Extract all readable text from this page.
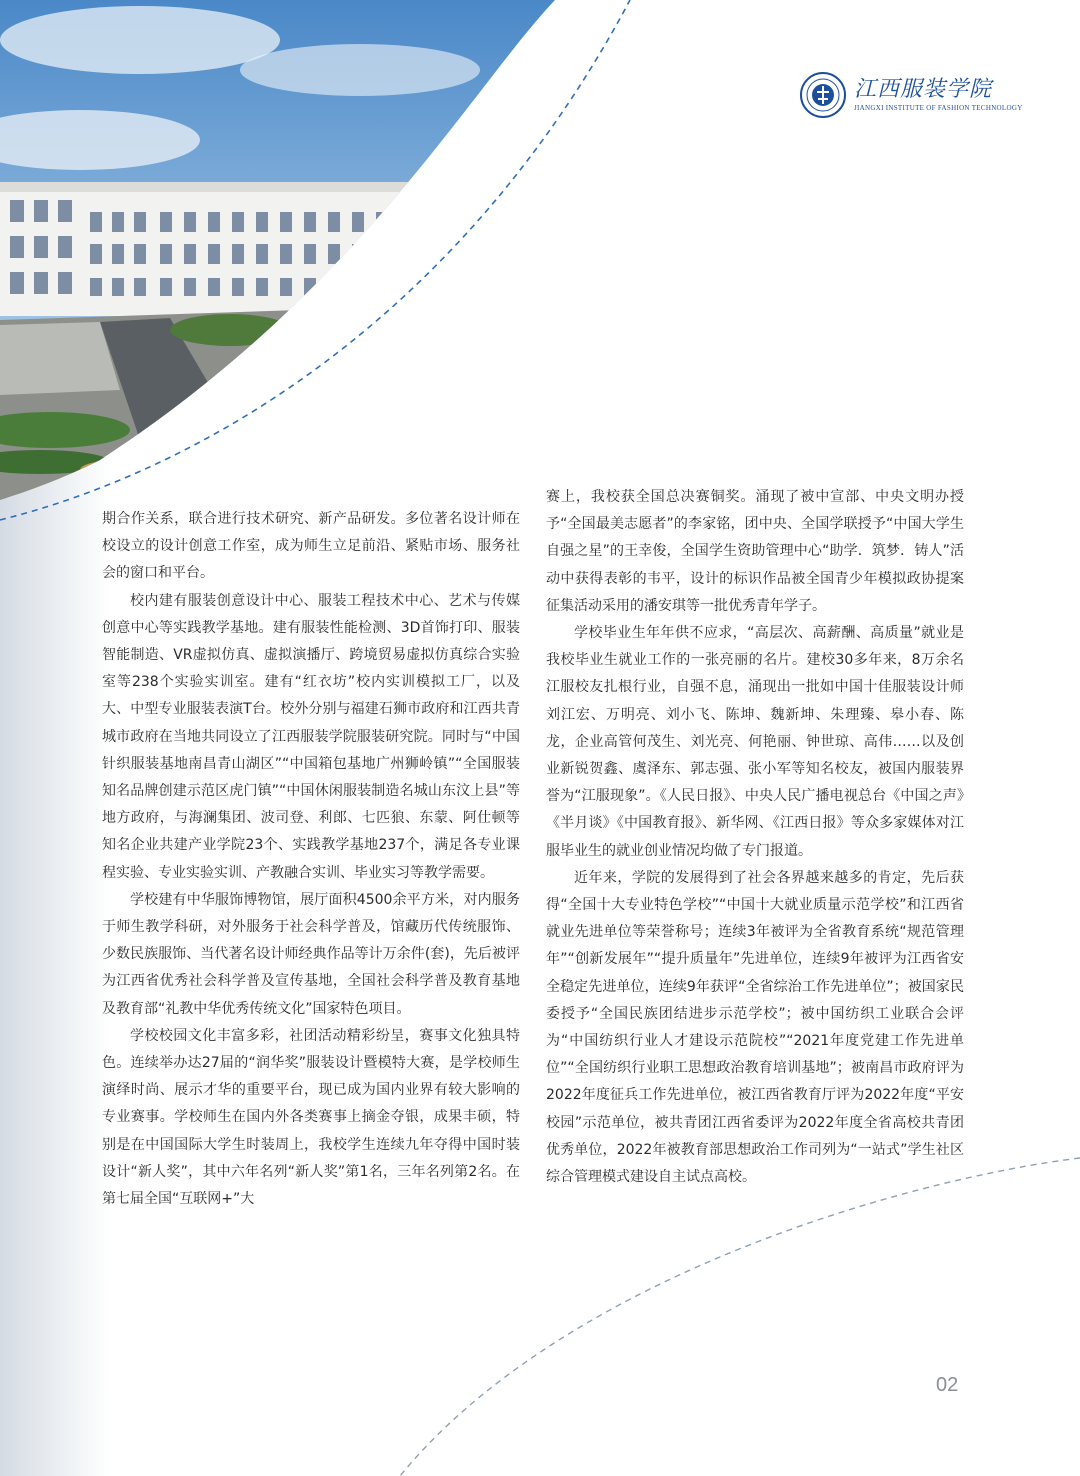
江西服装学院
JIANGXI INSTITUTE OF FASHION TECHNOLOGY

期合作关系，联合进行技术研究、新产品研发。多位著名设计师在校设立的设计创意工作室，成为师生立足前沿、紧贴市场、服务社会的窗口和平台。

校内建有服装创意设计中心、服装工程技术中心、艺术与传媒创意中心等实践教学基地。建有服装性能检测、3D首饰打印、服装智能制造、VR虚拟仿真、虚拟演播厅、跨境贸易虚拟仿真综合实验室等238个实验实训室。建有“红衣坊”校内实训模拟工厂，以及大、中型专业服装表演T台。校外分别与福建石狮市政府和江西共青城市政府在当地共同设立了江西服装学院服装研究院。同时与“中国针织服装基地南昌青山湖区”“中国箱包基地广州狮岭镇”“全国服装知名品牌创建示范区虎门镇”“中国休闲服装制造名城山东汶上县”等地方政府，与海澜集团、波司登、利郎、七匹狼、东蒙、阿仕顿等知名企业共建产业学院23个、实践教学基地237个，满足各专业课程实验、专业实验实训、产教融合实训、毕业实习等教学需要。

学校建有中华服饰博物馆，展厅面积4500余平方米，对内服务于师生教学科研，对外服务于社会科学普及，馆藏历代传统服饰、少数民族服饰、当代著名设计师经典作品等计万余件(套)，先后被评为江西省优秀社会科学普及宣传基地，全国社会科学普及教育基地及教育部“礼教中华优秀传统文化”国家特色项目。

学校校园文化丰富多彩，社团活动精彩纷呈，赛事文化独具特色。连续举办达27届的“润华奖”服装设计暨模特大赛，是学校师生演绎时尚、展示才华的重要平台，现已成为国内业界有较大影响的专业赛事。学校师生在国内外各类赛事上摘金夺银，成果丰硕，特别是在中国国际大学生时装周上，我校学生连续九年夺得中国时装设计“新人奖”，其中六年名列“新人奖”第1名，三年名列第2名。在第七届全国“互联网+”大

赛上，我校获全国总决赛铜奖。涌现了被中宣部、中央文明办授予“全国最美志愿者”的李家铭，团中央、全国学联授予“中国大学生自强之星”的王幸俊，全国学生资助管理中心“助学．筑梦．铸人”活动中获得表彰的韦平，设计的标识作品被全国青少年模拟政协提案征集活动采用的潘安琪等一批优秀青年学子。

学校毕业生年年供不应求，“高层次、高薪酬、高质量”就业是我校毕业生就业工作的一张亮丽的名片。建校30多年来，8万余名江服校友扎根行业，自强不息，涌现出一批如中国十佳服装设计师刘江宏、万明亮、刘小飞、陈坤、魏新坤、朱理臻、皋小春、陈龙，企业高管何茂生、刘光亮、何艳丽、钟世琼、高伟……以及创业新锐贺鑫、虞泽东、郭志强、张小军等知名校友，被国内服装界誉为“江服现象”。《人民日报》、中央人民广播电视总台《中国之声》《半月谈》《中国教育报》、新华网、《江西日报》等众多家媒体对江服毕业生的就业创业情况均做了专门报道。

近年来，学院的发展得到了社会各界越来越多的肯定，先后获得“全国十大专业特色学校”“中国十大就业质量示范学校”和江西省就业先进单位等荣誉称号；连续3年被评为全省教育系统“规范管理年”“创新发展年”“提升质量年”先进单位，连续9年被评为江西省安全稳定先进单位，连续9年获评“全省综治工作先进单位”；被国家民委授予“全国民族团结进步示范学校”；被中国纺织工业联合会评为“中国纺织行业人才建设示范院校”“2021年度党建工作先进单位”“全国纺织行业职工思想政治教育培训基地”；被南昌市政府评为2022年度征兵工作先进单位，被江西省教育厅评为2022年度“平安校园”示范单位，被共青团江西省委评为2022年度全省高校共青团优秀单位，2022年被教育部思想政治工作司列为“一站式”学生社区综合管理模式建设自主试点高校。

02
